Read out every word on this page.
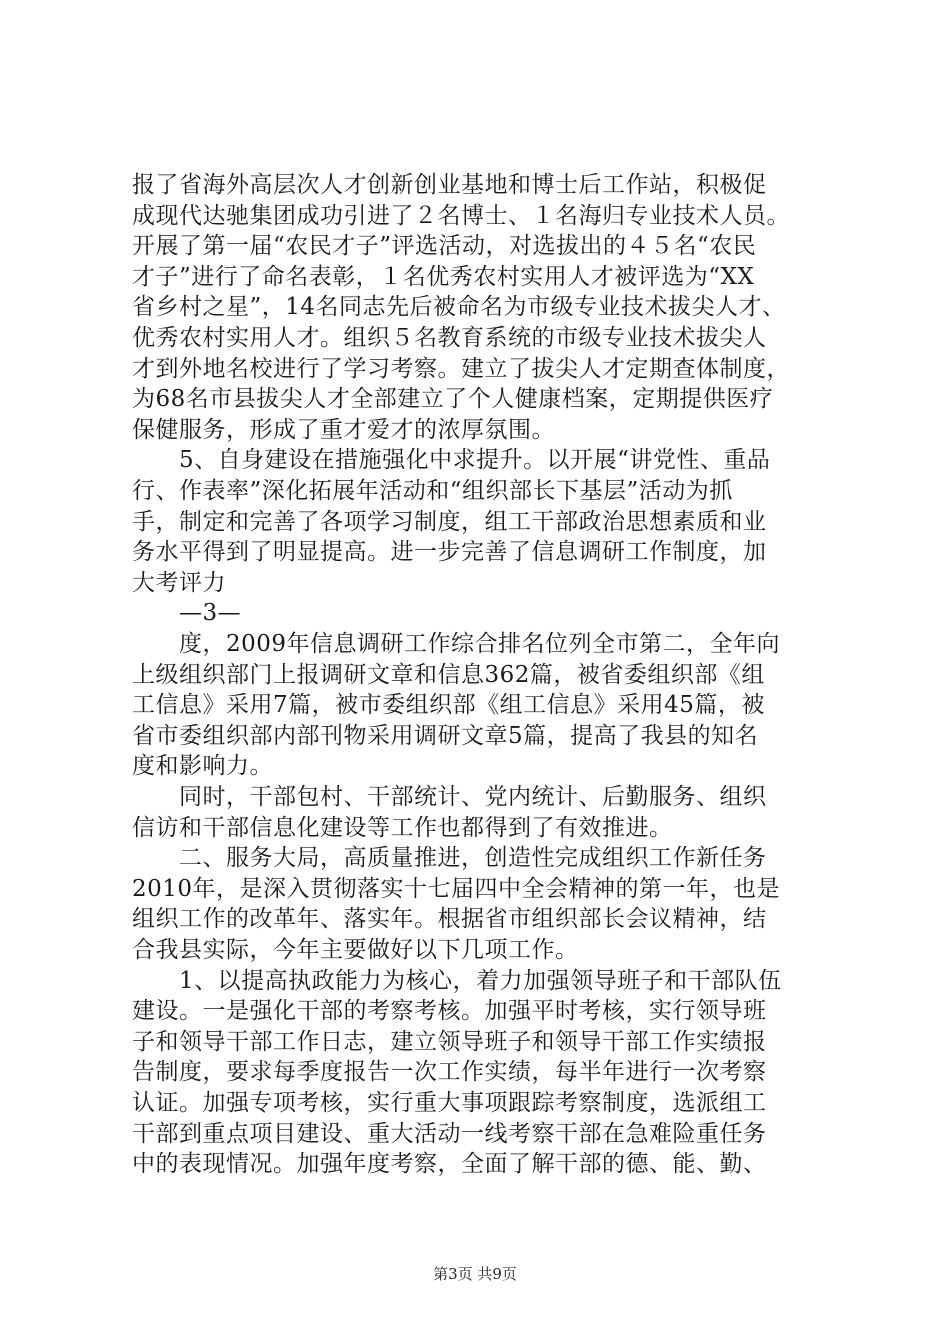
报了省海外高层次人才创新创业基地和博士后工作站，积极促
成现代达驰集团成功引进了２名博士、１名海归专业技术人员。
开展了第一届“农民才子”评选活动，对选拔出的４５名“农民
才子”进行了命名表彰，１名优秀农村实用人才被评选为“XX
省乡村之星”，14名同志先后被命名为市级专业技术拔尖人才、
优秀农村实用人才。组织５名教育系统的市级专业技术拔尖人
才到外地名校进行了学习考察。建立了拔尖人才定期查体制度，
为68名市县拔尖人才全部建立了个人健康档案，定期提供医疗
保健服务，形成了重才爱才的浓厚氛围。
　　5、自身建设在措施强化中求提升。以开展“讲党性、重品
行、作表率”深化拓展年活动和“组织部长下基层”活动为抓
手，制定和完善了各项学习制度，组工干部政治思想素质和业
务水平得到了明显提高。进一步完善了信息调研工作制度，加
大考评力
　　—3—
　　度，2009年信息调研工作综合排名位列全市第二，全年向
上级组织部门上报调研文章和信息362篇，被省委组织部《组
工信息》采用7篇，被市委组织部《组工信息》采用45篇，被
省市委组织部内部刊物采用调研文章5篇，提高了我县的知名
度和影响力。
　　同时，干部包村、干部统计、党内统计、后勤服务、组织
信访和干部信息化建设等工作也都得到了有效推进。
　　二、服务大局，高质量推进，创造性完成组织工作新任务
2010年，是深入贯彻落实十七届四中全会精神的第一年，也是
组织工作的改革年、落实年。根据省市组织部长会议精神，结
合我县实际，今年主要做好以下几项工作。
　　1、以提高执政能力为核心，着力加强领导班子和干部队伍
建设。一是强化干部的考察考核。加强平时考核，实行领导班
子和领导干部工作日志，建立领导班子和领导干部工作实绩报
告制度，要求每季度报告一次工作实绩，每半年进行一次考察
认证。加强专项考核，实行重大事项跟踪考察制度，选派组工
干部到重点项目建设、重大活动一线考察干部在急难险重任务
中的表现情况。加强年度考察，全面了解干部的德、能、勤、
第3页 共9页
